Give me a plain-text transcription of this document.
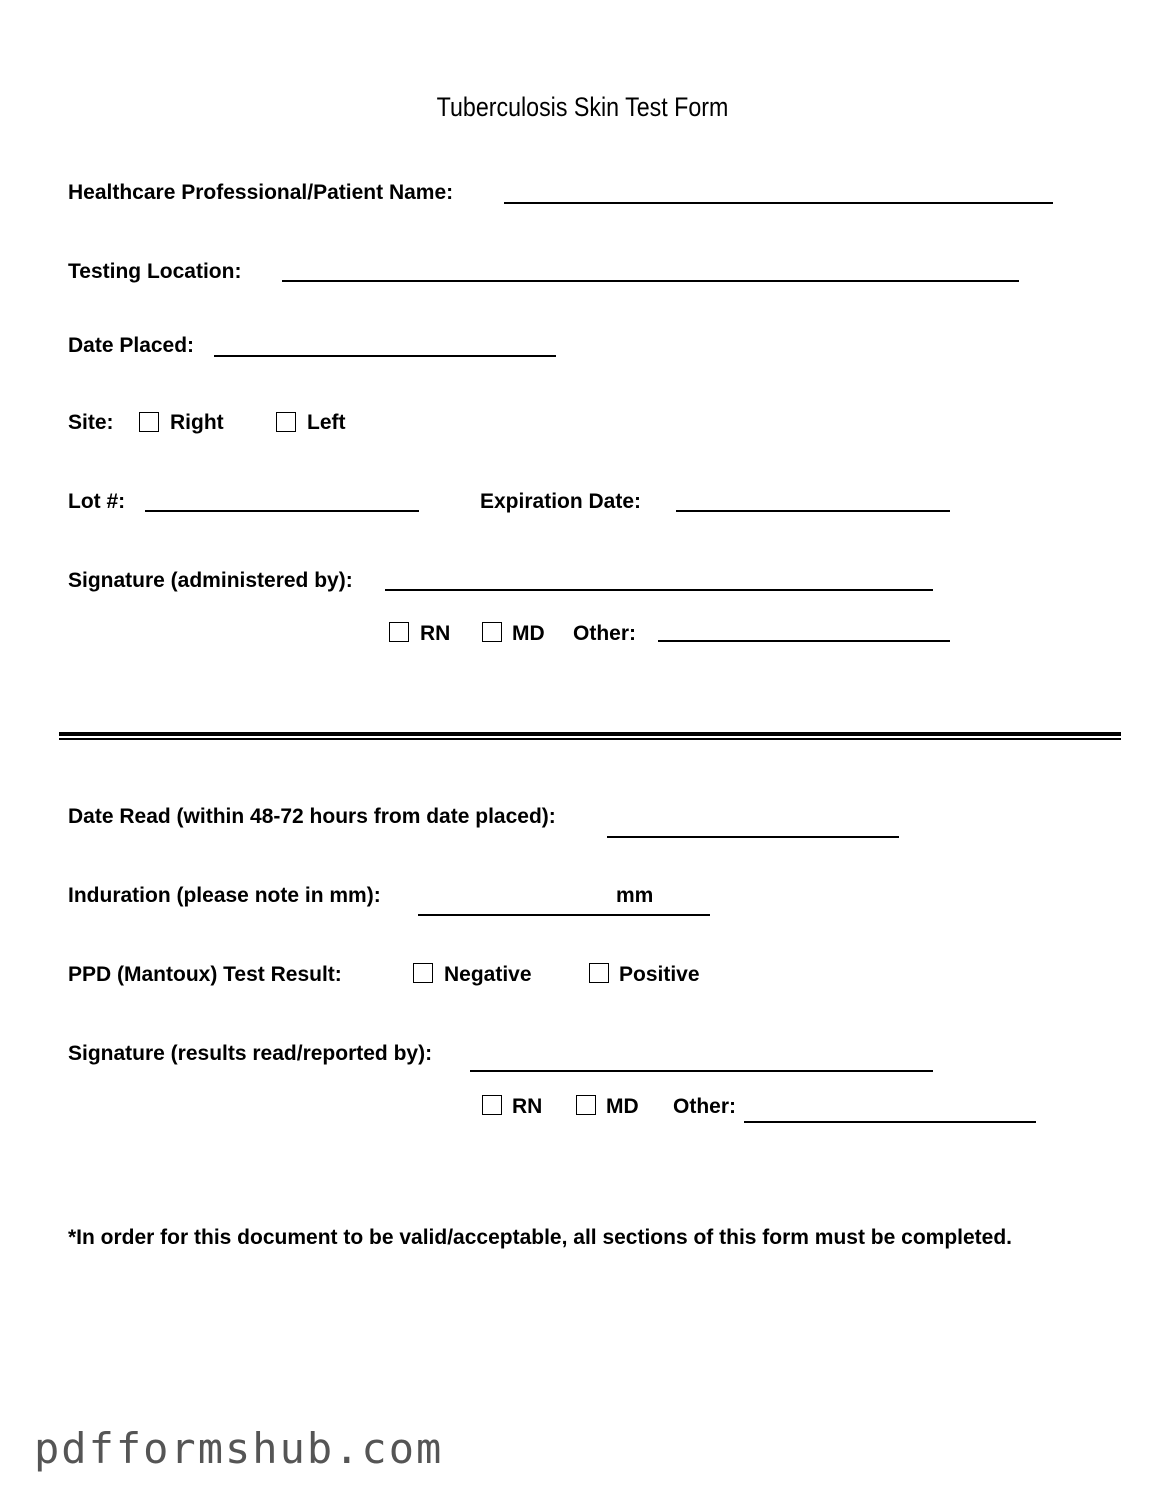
Tuberculosis Skin Test Form
Healthcare Professional/Patient Name:
Testing Location:
Date Placed:
Site:	Right	Left
Lot #:	Expiration Date:
Signature (administered by):
RN	MD Other:
Date Read (within 48-72 hours from date placed):
Induration (please note in mm):	mm
PPD (Mantoux) Test Result:	Negative	Positive
Signature (results read/reported by):
RN	MD Other:
*In order for this document to be valid/acceptable, all sections of this form must be completed.
pdfformshub.com
